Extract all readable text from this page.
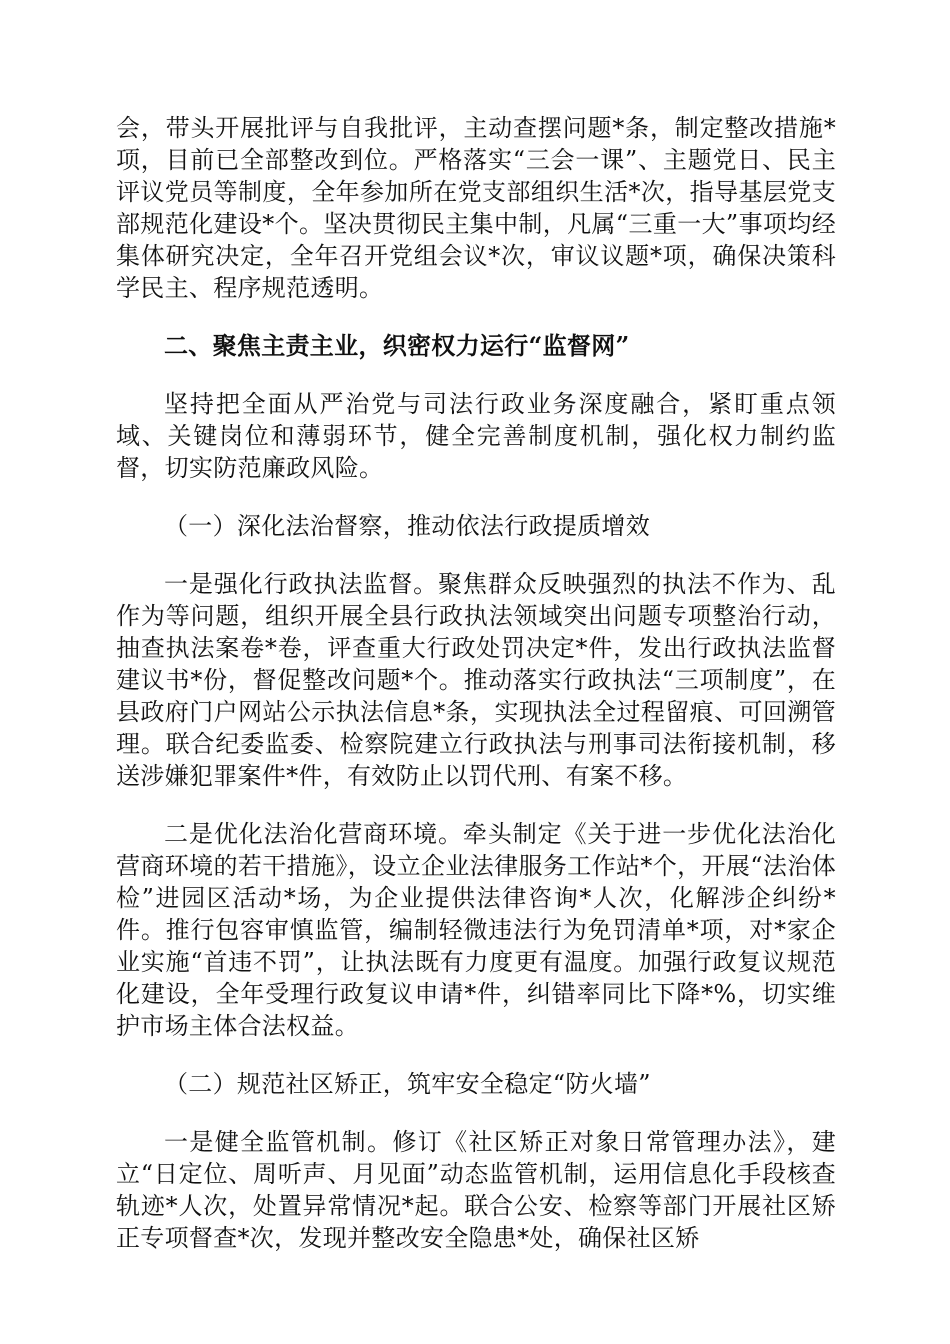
会，带头开展批评与自我批评，主动查摆问题*条，制定整改措施*项，目前已全部整改到位。严格落实“三会一课”、主题党日、民主评议党员等制度，全年参加所在党支部组织生活*次，指导基层党支部规范化建设*个。坚决贯彻民主集中制，凡属“三重一大”事项均经集体研究决定，全年召开党组会议*次，审议议题*项，确保决策科学民主、程序规范透明。

二、聚焦主责主业，织密权力运行“监督网”

坚持把全面从严治党与司法行政业务深度融合，紧盯重点领域、关键岗位和薄弱环节，健全完善制度机制，强化权力制约监督，切实防范廉政风险。

（一）深化法治督察，推动依法行政提质增效

一是强化行政执法监督。聚焦群众反映强烈的执法不作为、乱作为等问题，组织开展全县行政执法领域突出问题专项整治行动，抽查执法案卷*卷，评查重大行政处罚决定*件，发出行政执法监督建议书*份，督促整改问题*个。推动落实行政执法“三项制度”，在县政府门户网站公示执法信息*条，实现执法全过程留痕、可回溯管理。联合纪委监委、检察院建立行政执法与刑事司法衔接机制，移送涉嫌犯罪案件*件，有效防止以罚代刑、有案不移。

二是优化法治化营商环境。牵头制定《关于进一步优化法治化营商环境的若干措施》，设立企业法律服务工作站*个，开展“法治体检”进园区活动*场，为企业提供法律咨询*人次，化解涉企纠纷*件。推行包容审慎监管，编制轻微违法行为免罚清单*项，对*家企业实施“首违不罚”，让执法既有力度更有温度。加强行政复议规范化建设，全年受理行政复议申请*件，纠错率同比下降*%，切实维护市场主体合法权益。

（二）规范社区矫正，筑牢安全稳定“防火墙”

一是健全监管机制。修订《社区矫正对象日常管理办法》，建立“日定位、周听声、月见面”动态监管机制，运用信息化手段核查轨迹*人次，处置异常情况*起。联合公安、检察等部门开展社区矫正专项督查*次，发现并整改安全隐患*处，确保社区矫
